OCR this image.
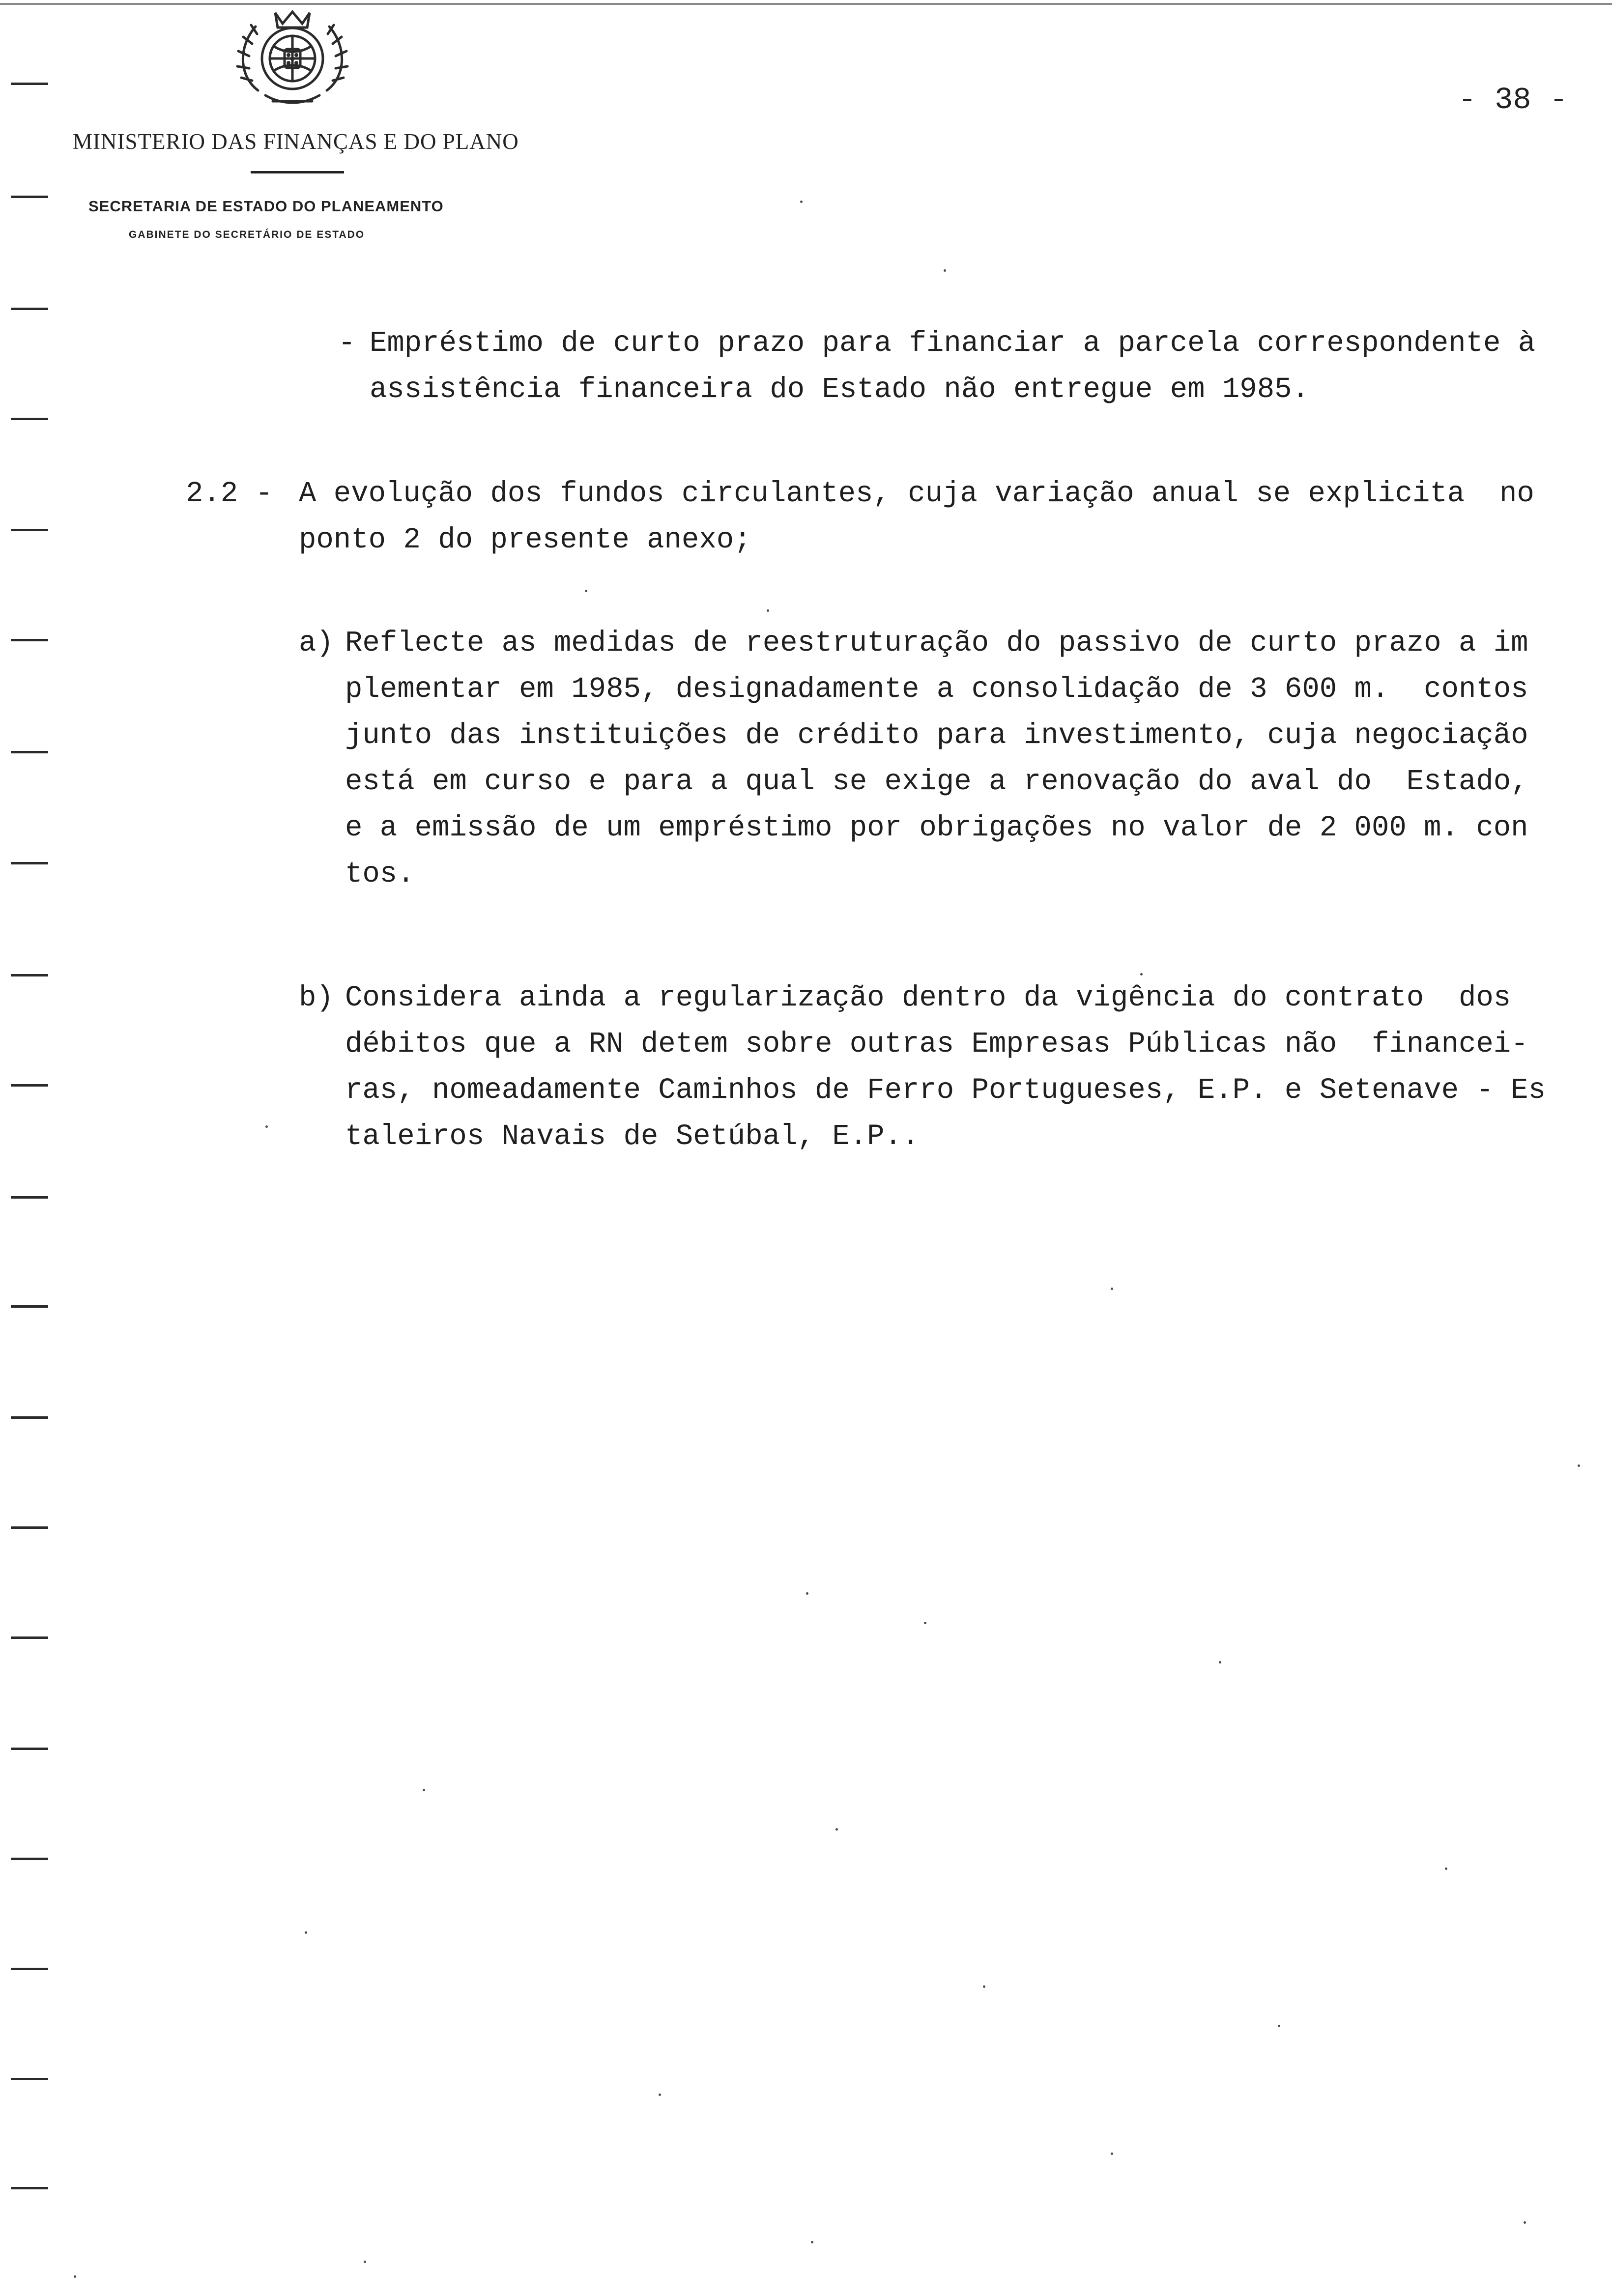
MINISTERIO DAS FINANÇAS E DO PLANO
SECRETARIA DE ESTADO DO PLANEAMENTO
GABINETE DO SECRETÁRIO DE ESTADO
- 38 -
- Empréstimo de curto prazo para financiar a parcela correspondente à
assistência financeira do Estado não entregue em 1985.
2.2 - A evolução dos fundos circulantes, cuja variação anual se explicita  no
ponto 2 do presente anexo;
a) Reflecte as medidas de reestruturação do passivo de curto prazo a im
plementar em 1985, designadamente a consolidação de 3 600 m.  contos
junto das instituições de crédito para investimento, cuja negociação
está em curso e para a qual se exige a renovação do aval do  Estado,
e a emissão de um empréstimo por obrigações no valor de 2 000 m. con
tos.
b) Considera ainda a regularização dentro da vigência do contrato  dos
débitos que a RN detem sobre outras Empresas Públicas não  financei-
ras, nomeadamente Caminhos de Ferro Portugueses, E.P. e Setenave - Es
taleiros Navais de Setúbal, E.P..
